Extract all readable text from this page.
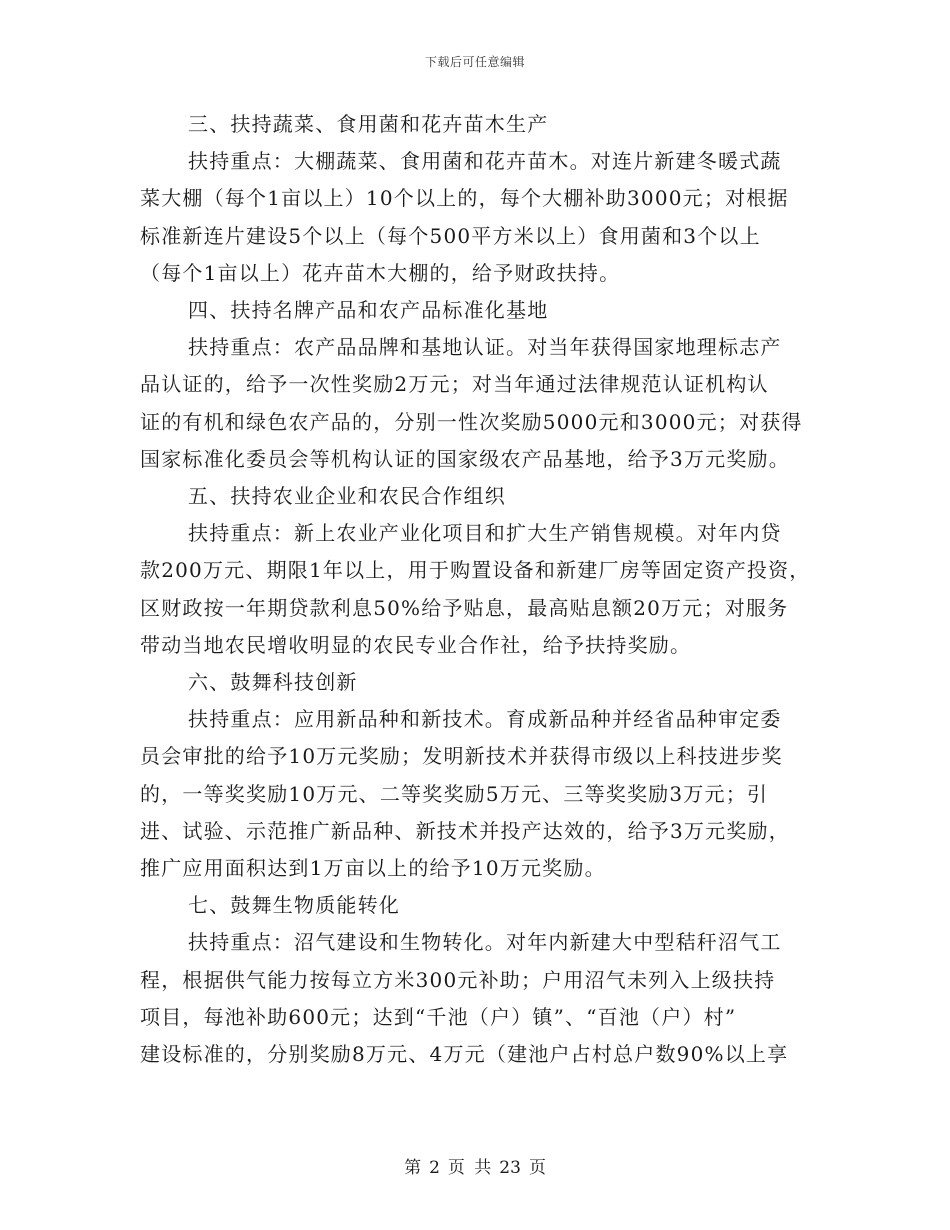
下载后可任意编辑
三、扶持蔬菜、食用菌和花卉苗木生产
扶持重点：大棚蔬菜、食用菌和花卉苗木。对连片新建冬暖式蔬
菜大棚（每个1亩以上）10个以上的，每个大棚补助3000元；对根据
标准新连片建设5个以上（每个500平方米以上）食用菌和3个以上
（每个1亩以上）花卉苗木大棚的，给予财政扶持。
四、扶持名牌产品和农产品标准化基地
扶持重点：农产品品牌和基地认证。对当年获得国家地理标志产
品认证的，给予一次性奖励2万元；对当年通过法律规范认证机构认
证的有机和绿色农产品的，分别一性次奖励5000元和3000元；对获得
国家标准化委员会等机构认证的国家级农产品基地，给予3万元奖励。
五、扶持农业企业和农民合作组织
扶持重点：新上农业产业化项目和扩大生产销售规模。对年内贷
款200万元、期限1年以上，用于购置设备和新建厂房等固定资产投资，
区财政按一年期贷款利息50%给予贴息，最高贴息额20万元；对服务
带动当地农民增收明显的农民专业合作社，给予扶持奖励。
六、鼓舞科技创新
扶持重点：应用新品种和新技术。育成新品种并经省品种审定委
员会审批的给予10万元奖励；发明新技术并获得市级以上科技进步奖
的，一等奖奖励10万元、二等奖奖励5万元、三等奖奖励3万元；引
进、试验、示范推广新品种、新技术并投产达效的，给予3万元奖励，
推广应用面积达到1万亩以上的给予10万元奖励。
七、鼓舞生物质能转化
扶持重点：沼气建设和生物转化。对年内新建大中型秸秆沼气工
程，根据供气能力按每立方米300元补助；户用沼气未列入上级扶持
项目，每池补助600元；达到“千池（户）镇”、“百池（户）村”
建设标准的，分别奖励8万元、4万元（建池户占村总户数90%以上享
第 2 页 共 23 页
